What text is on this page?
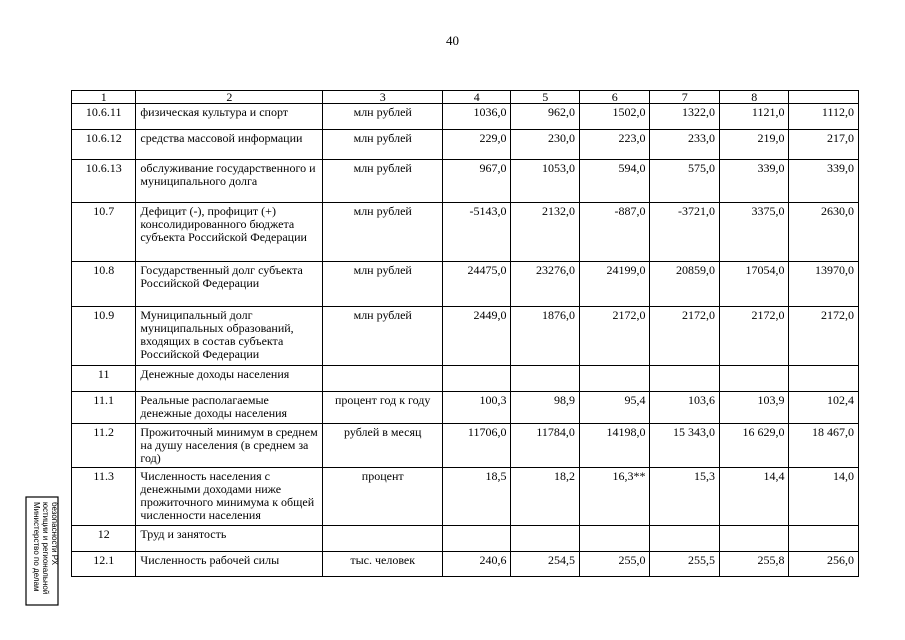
40
1	2	3	4	5	6	7	8	
10.6.11	физическая культура и спорт	млн рублей	1036,0	962,0	1502,0	1322,0	1121,0	1112,0
10.6.12	средства массовой информации	млн рублей	229,0	230,0	223,0	233,0	219,0	217,0
10.6.13	обслуживание государственного и муниципального долга	млн рублей	967,0	1053,0	594,0	575,0	339,0	339,0
10.7	Дефицит (-), профицит (+) консолидированного бюджета субъекта Российской Федерации	млн рублей	-5143,0	2132,0	-887,0	-3721,0	3375,0	2630,0
10.8	Государственный долг субъекта Российской Федерации	млн рублей	24475,0	23276,0	24199,0	20859,0	17054,0	13970,0
10.9	Муниципальный долг муниципальных образований, входящих в состав субъекта Российской Федерации	млн рублей	2449,0	1876,0	2172,0	2172,0	2172,0	2172,0
11	Денежные доходы населения							
11.1	Реальные располагаемые денежные доходы населения	процент год к году	100,3	98,9	95,4	103,6	103,9	102,4
11.2	Прожиточный минимум в среднем на душу населения (в среднем за год)	рублей в месяц	11706,0	11784,0	14198,0	15 343,0	16 629,0	18 467,0
11.3	Численность населения с денежными доходами ниже прожиточного минимума к общей численности населения	процент	18,5	18,2	16,3**	15,3	14,4	14,0
12	Труд и занятость							
12.1	Численность рабочей силы	тыс. человек	240,6	254,5	255,0	255,5	255,8	256,0
Министерство по делам юстиции и региональной безопасности РХ
